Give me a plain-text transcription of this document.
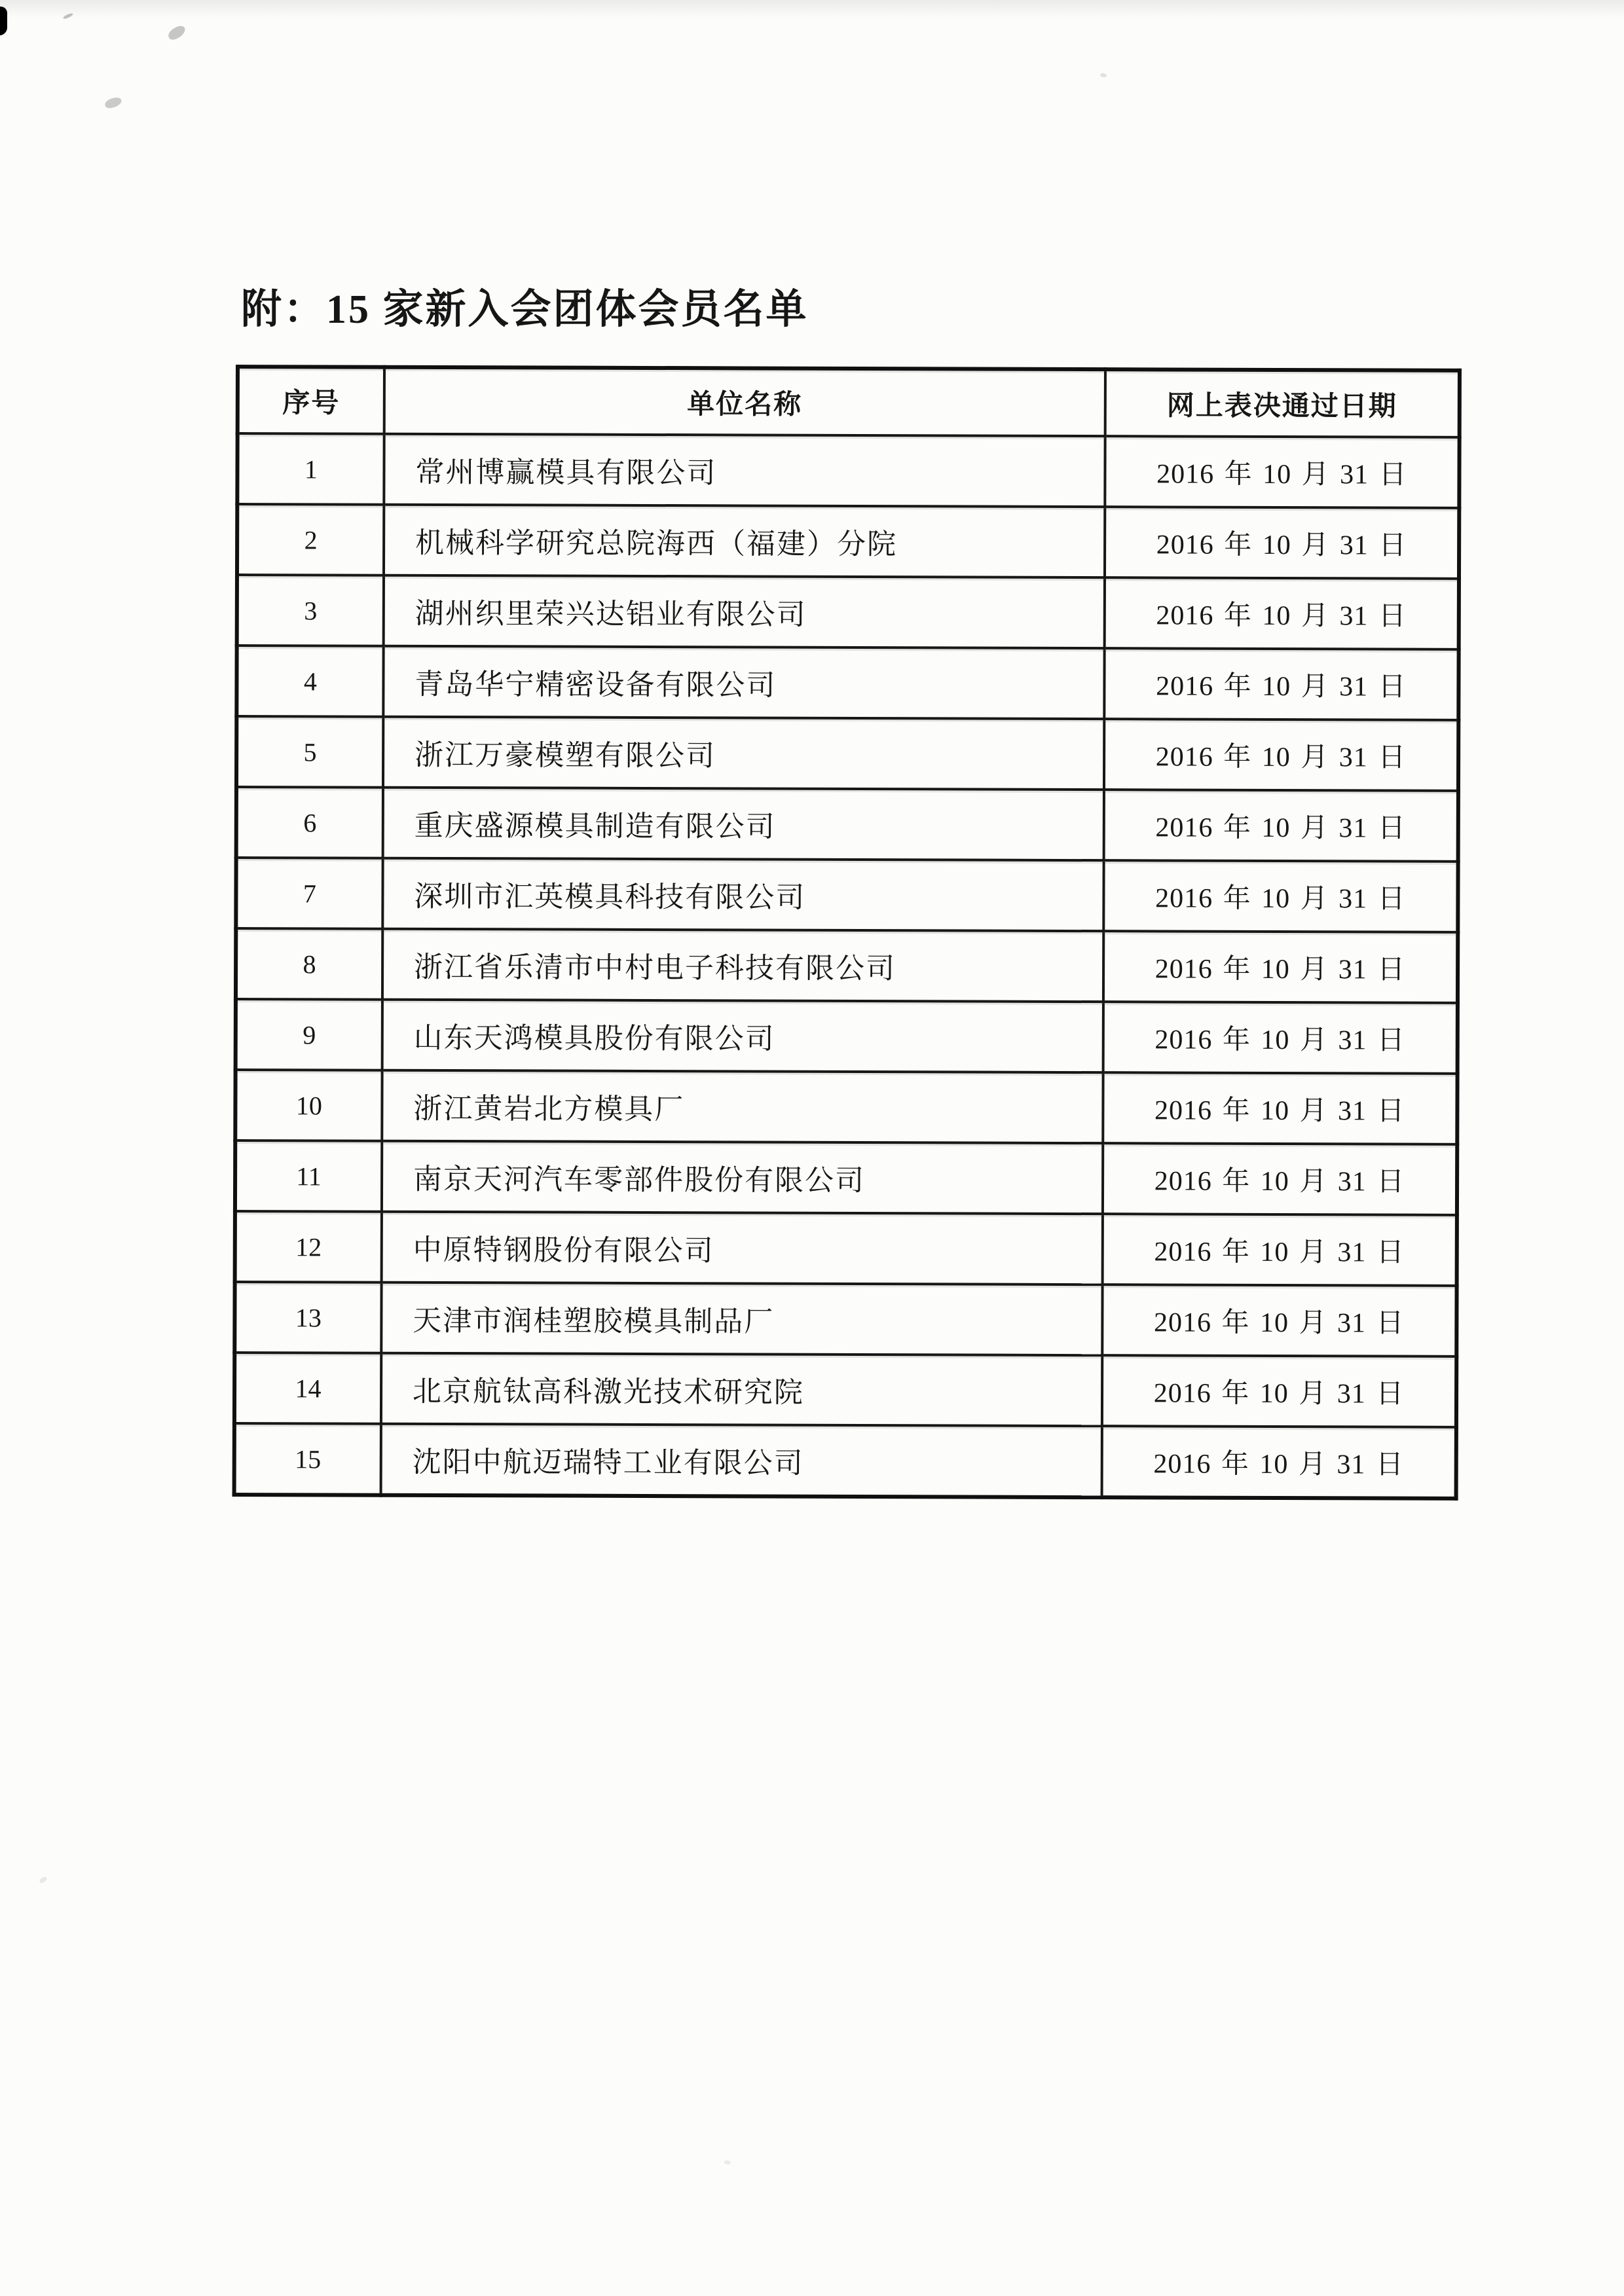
附：15 家新入会团体会员名单
序号	单位名称	网上表决通过日期
1	常州博赢模具有限公司	2016 年 10 月 31 日
2	机械科学研究总院海西（福建）分院	2016 年 10 月 31 日
3	湖州织里荣兴达铝业有限公司	2016 年 10 月 31 日
4	青岛华宁精密设备有限公司	2016 年 10 月 31 日
5	浙江万豪模塑有限公司	2016 年 10 月 31 日
6	重庆盛源模具制造有限公司	2016 年 10 月 31 日
7	深圳市汇英模具科技有限公司	2016 年 10 月 31 日
8	浙江省乐清市中村电子科技有限公司	2016 年 10 月 31 日
9	山东天鸿模具股份有限公司	2016 年 10 月 31 日
10	浙江黄岩北方模具厂	2016 年 10 月 31 日
11	南京天河汽车零部件股份有限公司	2016 年 10 月 31 日
12	中原特钢股份有限公司	2016 年 10 月 31 日
13	天津市润桂塑胶模具制品厂	2016 年 10 月 31 日
14	北京航钛高科激光技术研究院	2016 年 10 月 31 日
15	沈阳中航迈瑞特工业有限公司	2016 年 10 月 31 日
